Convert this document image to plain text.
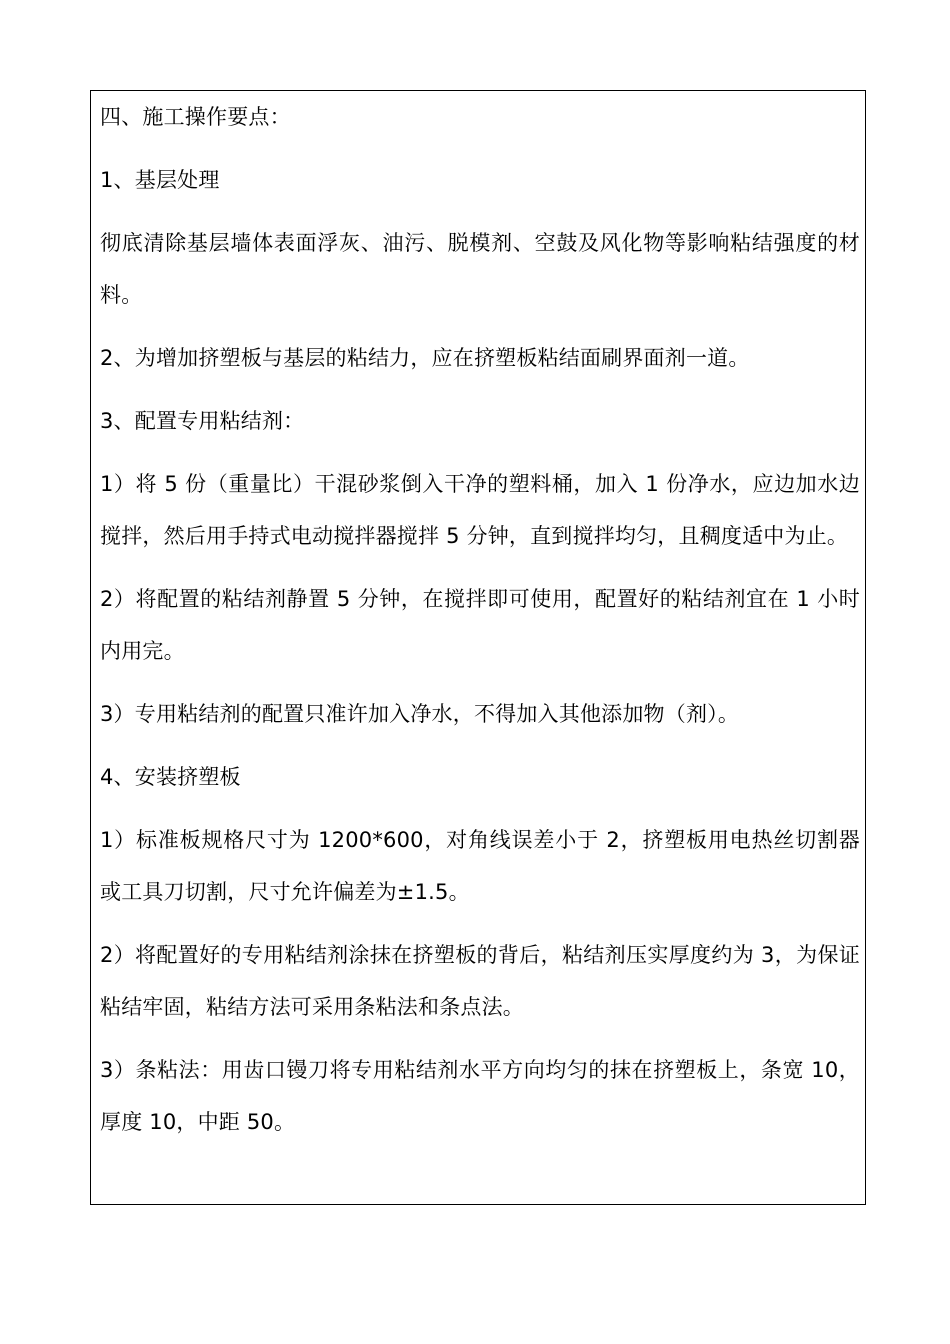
四、施工操作要点：

1、基层处理

彻底清除基层墙体表面浮灰、油污、脱模剂、空鼓及风化物等影响粘结强度的材料。

2、为增加挤塑板与基层的粘结力，应在挤塑板粘结面刷界面剂一道。

3、配置专用粘结剂：

1）将 5 份（重量比）干混砂浆倒入干净的塑料桶，加入 1 份净水，应边加水边搅拌，然后用手持式电动搅拌器搅拌 5 分钟，直到搅拌均匀，且稠度适中为止。

2）将配置的粘结剂静置 5 分钟，在搅拌即可使用，配置好的粘结剂宜在 1 小时内用完。

3）专用粘结剂的配置只准许加入净水，不得加入其他添加物（剂）。

4、安装挤塑板

1）标准板规格尺寸为 1200*600，对角线误差小于 2，挤塑板用电热丝切割器或工具刀切割，尺寸允许偏差为±1.5。

2）将配置好的专用粘结剂涂抹在挤塑板的背后，粘结剂压实厚度约为 3，为保证粘结牢固，粘结方法可采用条粘法和条点法。

3）条粘法：用齿口镘刀将专用粘结剂水平方向均匀的抹在挤塑板上，条宽 10，厚度 10，中距 50。
